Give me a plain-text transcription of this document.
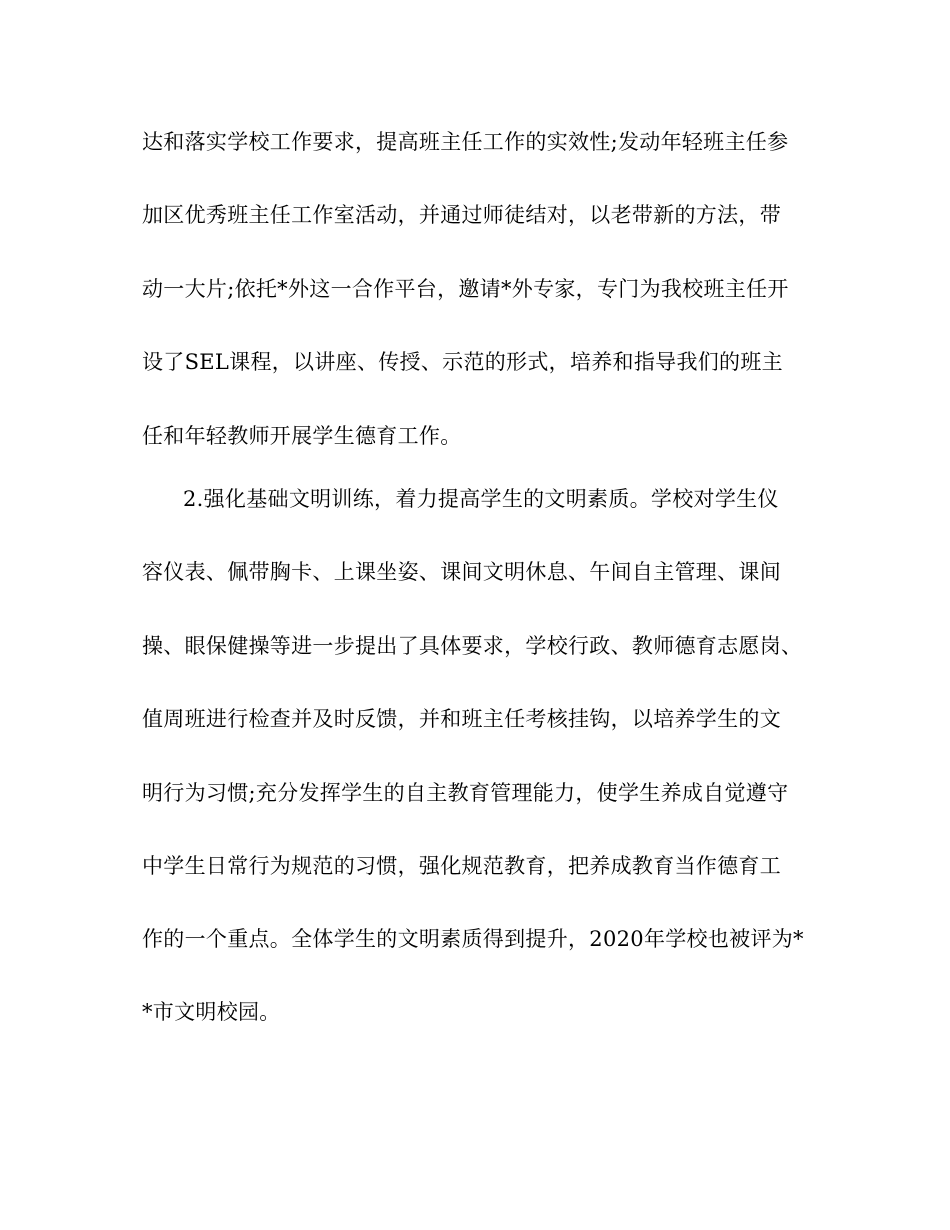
达和落实学校工作要求，提高班主任工作的实效性;发动年轻班主任参
加区优秀班主任工作室活动，并通过师徒结对，以老带新的方法，带
动一大片;依托*外这一合作平台，邀请*外专家，专门为我校班主任开
设了SEL课程，以讲座、传授、示范的形式，培养和指导我们的班主
任和年轻教师开展学生德育工作。
2.强化基础文明训练，着力提高学生的文明素质。学校对学生仪
容仪表、佩带胸卡、上课坐姿、课间文明休息、午间自主管理、课间
操、眼保健操等进一步提出了具体要求，学校行政、教师德育志愿岗、
值周班进行检查并及时反馈，并和班主任考核挂钩，以培养学生的文
明行为习惯;充分发挥学生的自主教育管理能力，使学生养成自觉遵守
中学生日常行为规范的习惯，强化规范教育，把养成教育当作德育工
作的一个重点。全体学生的文明素质得到提升，2020年学校也被评为*
*市文明校园。
